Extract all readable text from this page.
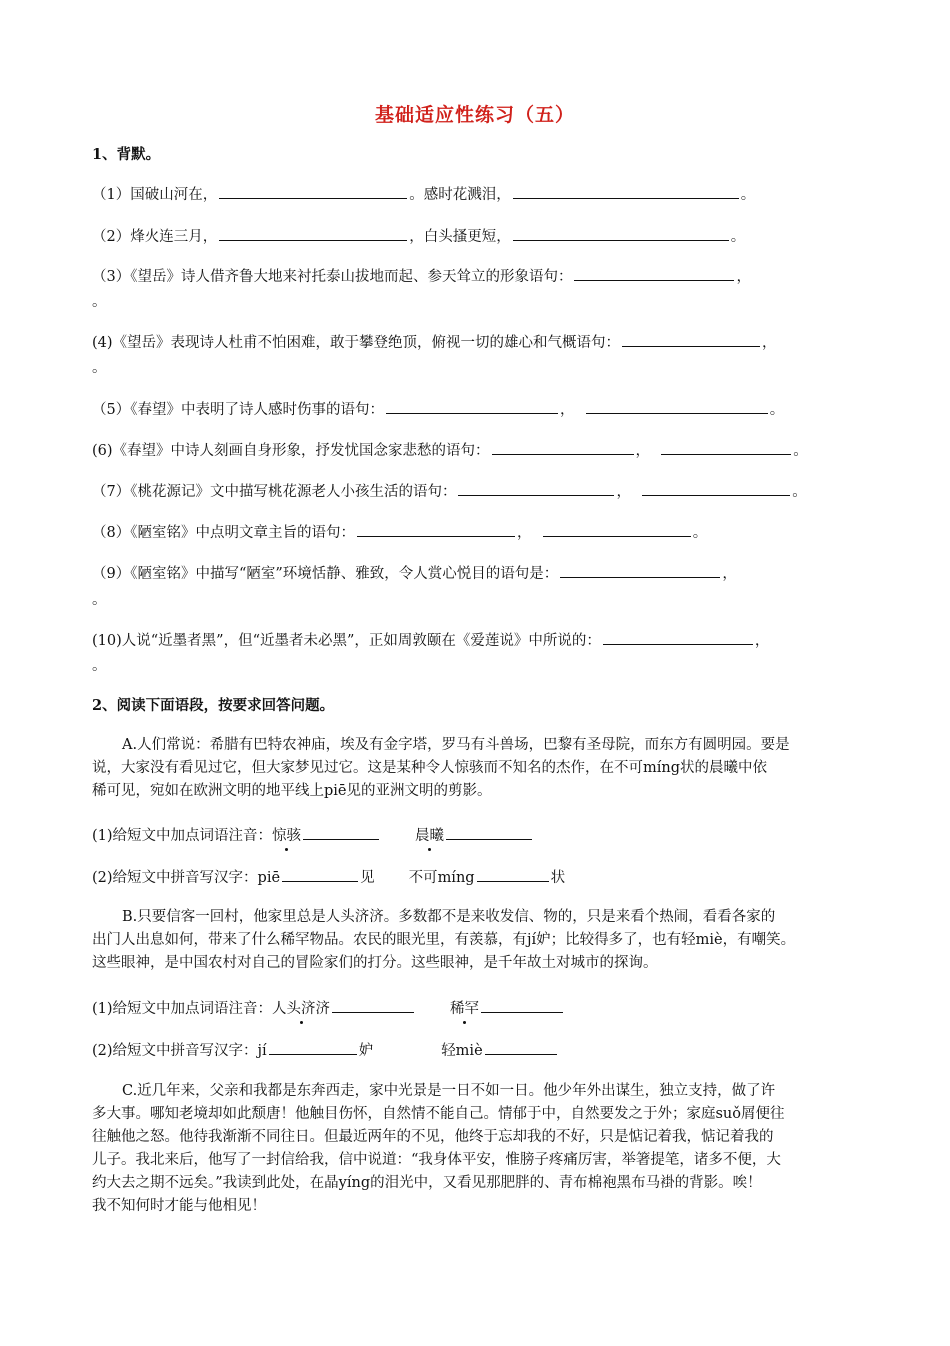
基础适应性练习（五）
1、背默。
（1）国破山河在，	。感时花溅泪，	。
（2）烽火连三月，	，白头搔更短，	。
（3）《望岳》诗人借齐鲁大地来衬托泰山拔地而起、参天耸立的形象语句：	，
。
(4)《望岳》表现诗人杜甫不怕困难，敢于攀登绝顶，俯视一切的雄心和气概语句：	，
。
（5）《春望》中表明了诗人感时伤事的语句：	，	。
(6)《春望》中诗人刻画自身形象，抒发忧国念家悲愁的语句：	，	。
（7）《桃花源记》文中描写桃花源老人小孩生活的语句：	，	。
（8）《陋室铭》中点明文章主旨的语句：	，	。
（9）《陋室铭》中描写“陋室”环境恬静、雅致，令人赏心悦目的语句是：	，
。
(10)人说“近墨者黑”，但“近墨者未必黑”，正如周敦颐在《爱莲说》中所说的：	，
。
2、阅读下面语段，按要求回答问题。

A.人们常说：希腊有巴特农神庙，埃及有金字塔，罗马有斗兽场，巴黎有圣母院，而东方有圆明园。要是

说，大家没有看见过它，但大家梦见过它。这是某种令人惊骇而不知名的杰作，在不可míng状的晨曦中依

稀可见，宛如在欧洲文明的地平线上piē见的亚洲文明的剪影。

(1)给短文中加点词语注音：惊骇	晨曦
(2)给短文中拼音写汉字：piē	见 不可míng	状

B.只要信客一回村，他家里总是人头济济。多数都不是来收发信、物的，只是来看个热闹，看看各家的

出门人出息如何，带来了什么稀罕物品。农民的眼光里，有羡慕，有jí妒；比较得多了，也有轻miè，有嘲笑。

这些眼神，是中国农村对自己的冒险家们的打分。这些眼神，是千年故土对城市的探询。

(1)给短文中加点词语注音：人头济济	稀罕
(2)给短文中拼音写汉字：jí	妒	轻miè

C.近几年来，父亲和我都是东奔西走，家中光景是一日不如一日。他少年外出谋生，独立支持，做了许

多大事。哪知老境却如此颓唐！他触目伤怀，自然情不能自己。情郁于中，自然要发之于外；家庭suǒ屑便往

往触他之怒。他待我渐渐不同往日。但最近两年的不见，他终于忘却我的不好，只是惦记着我，惦记着我的

儿子。我北来后，他写了一封信给我，信中说道：“我身体平安，惟膀子疼痛厉害，举箸提笔，诸多不便，大

约大去之期不远矣。”我读到此处，在晶yíng的泪光中，又看见那肥胖的、青布棉袍黑布马褂的背影。唉！

我不知何时才能与他相见！
